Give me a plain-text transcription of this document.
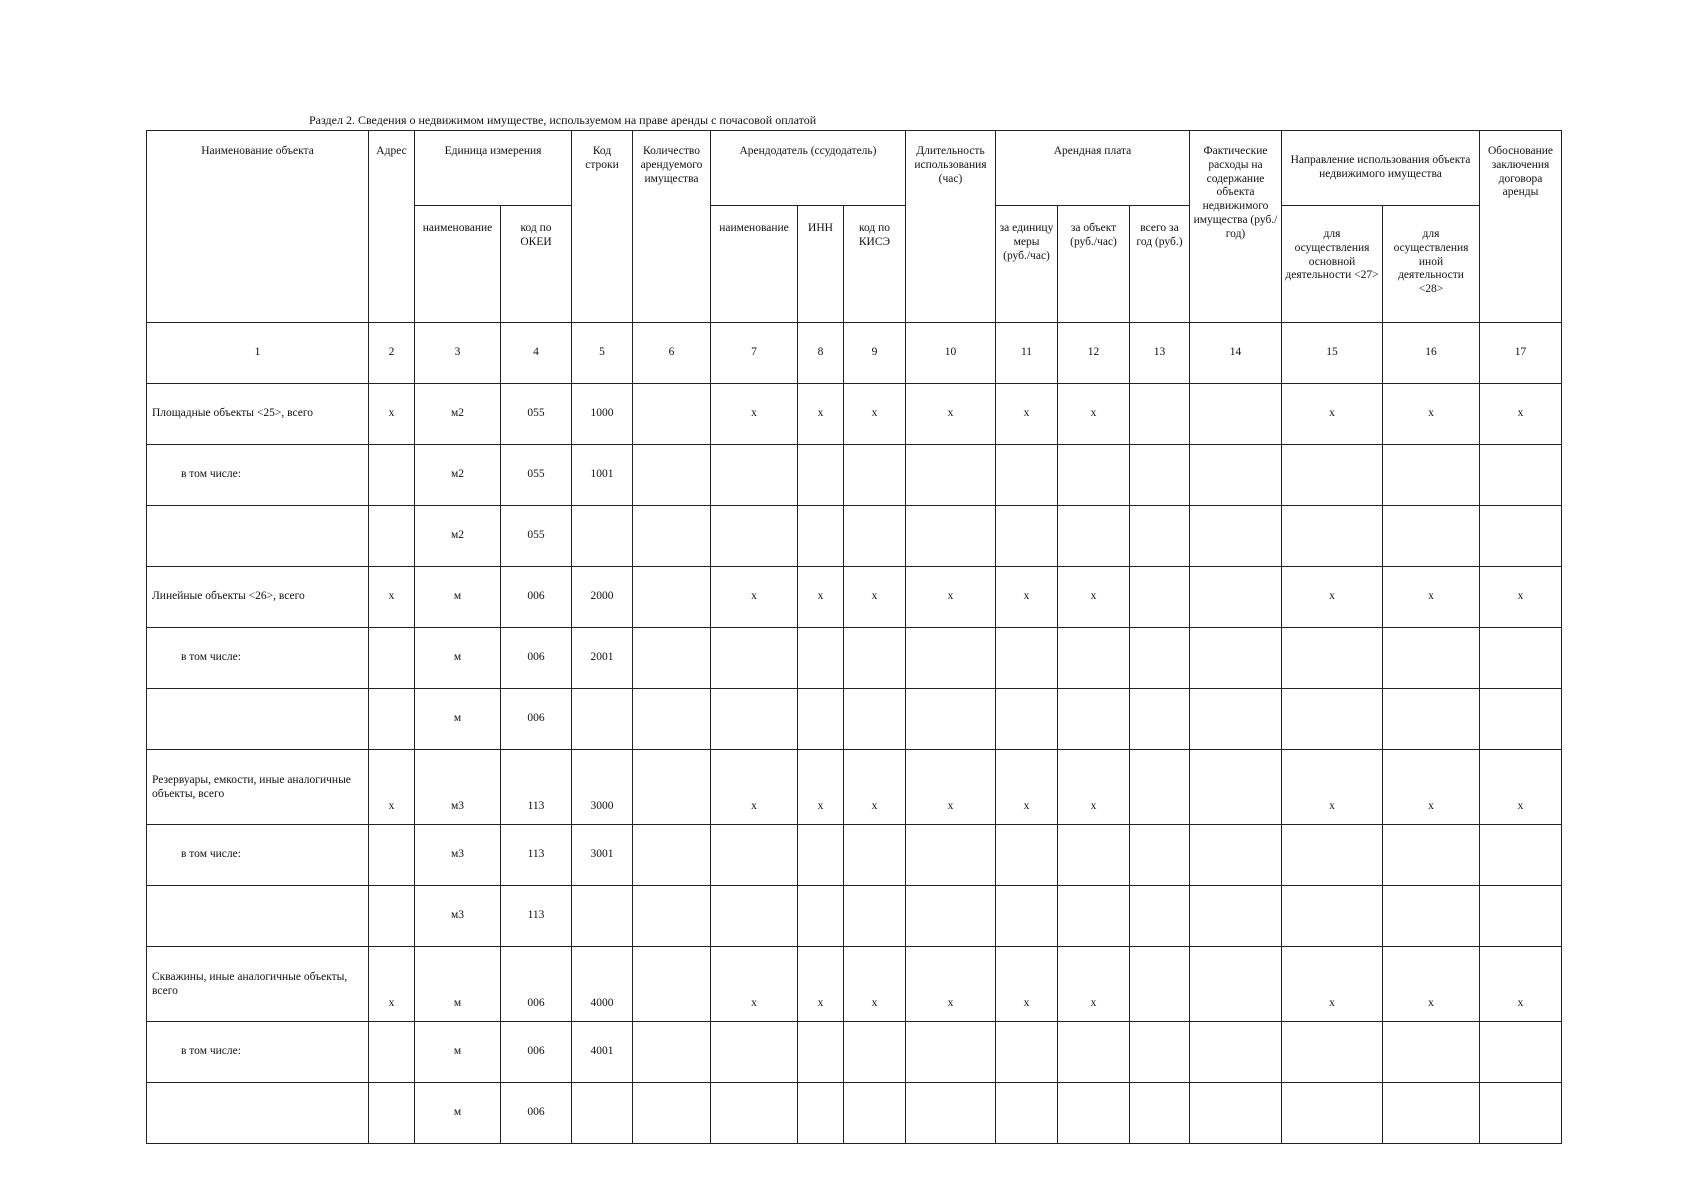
Раздел 2. Сведения о недвижимом имуществе, используемом на праве аренды с почасовой оплатой
Наименование объекта	Адрес	Единица измерения		Код строки	Количество арендуемого имущества	Арендодатель (ссудодатель)			Длительность использования (час)	Арендная плата			Фактические расходы на содержание объекта недвижимого имущества (руб./год)	Направление использования объекта недвижимого имущества		Обоснование заключения договора аренды
		наименование	код по ОКЕИ			наименование	ИНН	код по КИСЭ		за единицу меры (руб./час)	за объект (руб./час)	всего за год (руб.)		для осуществления основной деятельности <27>	для осуществления иной деятельности <28>	
1	2	3	4	5	6	7	8	9	10	11	12	13	14	15	16	17
Площадные объекты <25>, всего	x	м2	055	1000		x	x	x	x	x	x			x	x	x
в том числе:		м2	055	1001												
		м2	055													
Линейные объекты <26>, всего	x	м	006	2000		x	x	x	x	x	x			x	x	x
в том числе:		м	006	2001												
		м	006													
Резервуары, емкости, иные аналогичные объекты, всего	x	м3	113	3000		x	x	x	x	x	x			x	x	x
в том числе:		м3	113	3001												
		м3	113													
Скважины, иные аналогичные объекты, всего	x	м	006	4000		x	x	x	x	x	x			x	x	x
в том числе:		м	006	4001												
		м	006													
